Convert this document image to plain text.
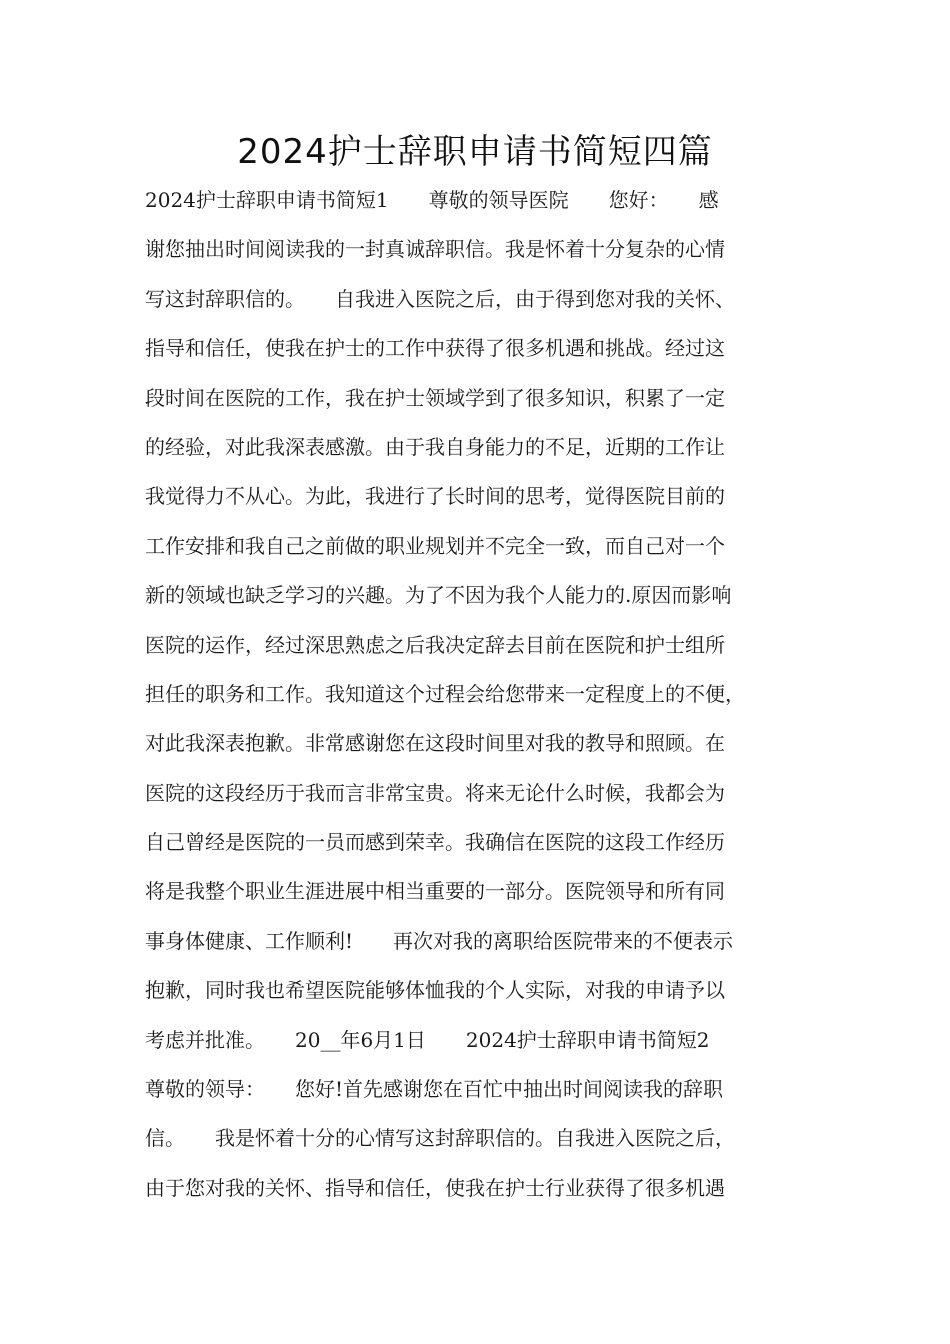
2024护士辞职申请书简短四篇
2024护士辞职申请书简短1　　尊敬的领导医院　　您好：　　感
谢您抽出时间阅读我的一封真诚辞职信。我是怀着十分复杂的心情
写这封辞职信的。　　自我进入医院之后，由于得到您对我的关怀、
指导和信任，使我在护士的工作中获得了很多机遇和挑战。经过这
段时间在医院的工作，我在护士领域学到了很多知识，积累了一定
的经验，对此我深表感激。由于我自身能力的不足，近期的工作让
我觉得力不从心。为此，我进行了长时间的思考，觉得医院目前的
工作安排和我自己之前做的职业规划并不完全一致，而自己对一个
新的领域也缺乏学习的兴趣。为了不因为我个人能力的.原因而影响
医院的运作，经过深思熟虑之后我决定辞去目前在医院和护士组所
担任的职务和工作。我知道这个过程会给您带来一定程度上的不便，
对此我深表抱歉。非常感谢您在这段时间里对我的教导和照顾。在
医院的这段经历于我而言非常宝贵。将来无论什么时候，我都会为
自己曾经是医院的一员而感到荣幸。我确信在医院的这段工作经历
将是我整个职业生涯进展中相当重要的一部分。医院领导和所有同
事身体健康、工作顺利!　　再次对我的离职给医院带来的不便表示
抱歉，同时我也希望医院能够体恤我的个人实际，对我的申请予以
考虑并批准。　　20__年6月1日　　2024护士辞职申请书简短2
尊敬的领导：　　您好!首先感谢您在百忙中抽出时间阅读我的辞职
信。　　我是怀着十分的心情写这封辞职信的。自我进入医院之后，
由于您对我的关怀、指导和信任，使我在护士行业获得了很多机遇
